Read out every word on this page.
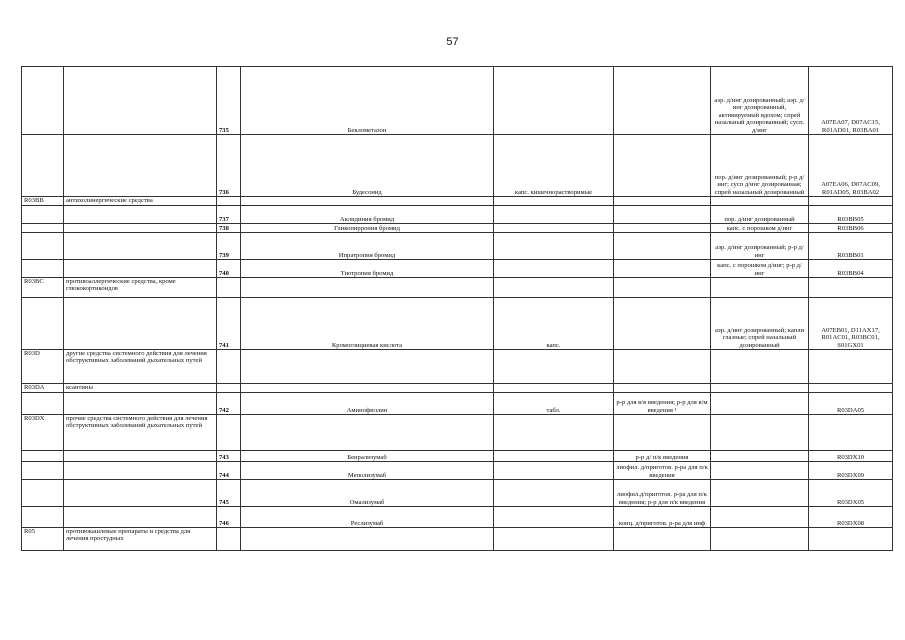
57
		735	Беклометазон			аэр. д/инг дозированный; аэр. д/инг дозированный, активируемый вдохом; спрей назальный дозированный; сусп. д/инг	A07EA07, D07AC15, R01AD01, R03BA01
		736	Будесонид	капс. кишечнорастворимые		пор. д/инг дозированный; р-р д/инг; сусп д/инг дозированная; спрей назальный дозированный	A07EA06, D07AC09, R01AD05, R03BA02
R03BB	антихолинергические средства						
		737	Аклидиния бромид			пор. д/инг дозированный	R03BB05
		738	Гликопиррония бромид			капс. с порошком д/инг	R03BB06
		739	Ипратропия бромид			аэр. д/инг дозированный; р-р д/инг	R03BB01
		740	Тиотропия бромид			капс. с порошком д/инг; р-р д/инг	R03BB04
R03BC	противоаллергические средства, кроме глюкокортикоидов						
		741	Кромоглициевая кислота	капс.		аэр. д/инг дозированный; капли глазные; спрей назальный дозированный	A07EB01, D11AX17, R01AC01, R03BC01, S01GX01
R03D	другие средства системного действия для лечения обструктивных заболеваний дыхательных путей						
R03DA	ксантины						
		742	Аминофиллин	табл.	р-р для в/в введения; р-р для в/м введения ¹		R03DA05
R03DX	прочие средства системного действия для лечения обструктивных заболеваний дыхательных путей						
		743	Бенрализумаб		р-р д/ п/к введения		R03DX10
		744	Меполизумаб		лиофил. д/приготов. р-ра для п/к введения		R03DX09
		745	Омализумаб		лиофил.д/приготов. р-ра для п/к введения; р-р для п/к введения		R03DX05
		746	Реслизумаб		конц. д/приготов. р-ра для инф		R03DX08
R05	противокашлевые препараты и средства для лечения простудных						
